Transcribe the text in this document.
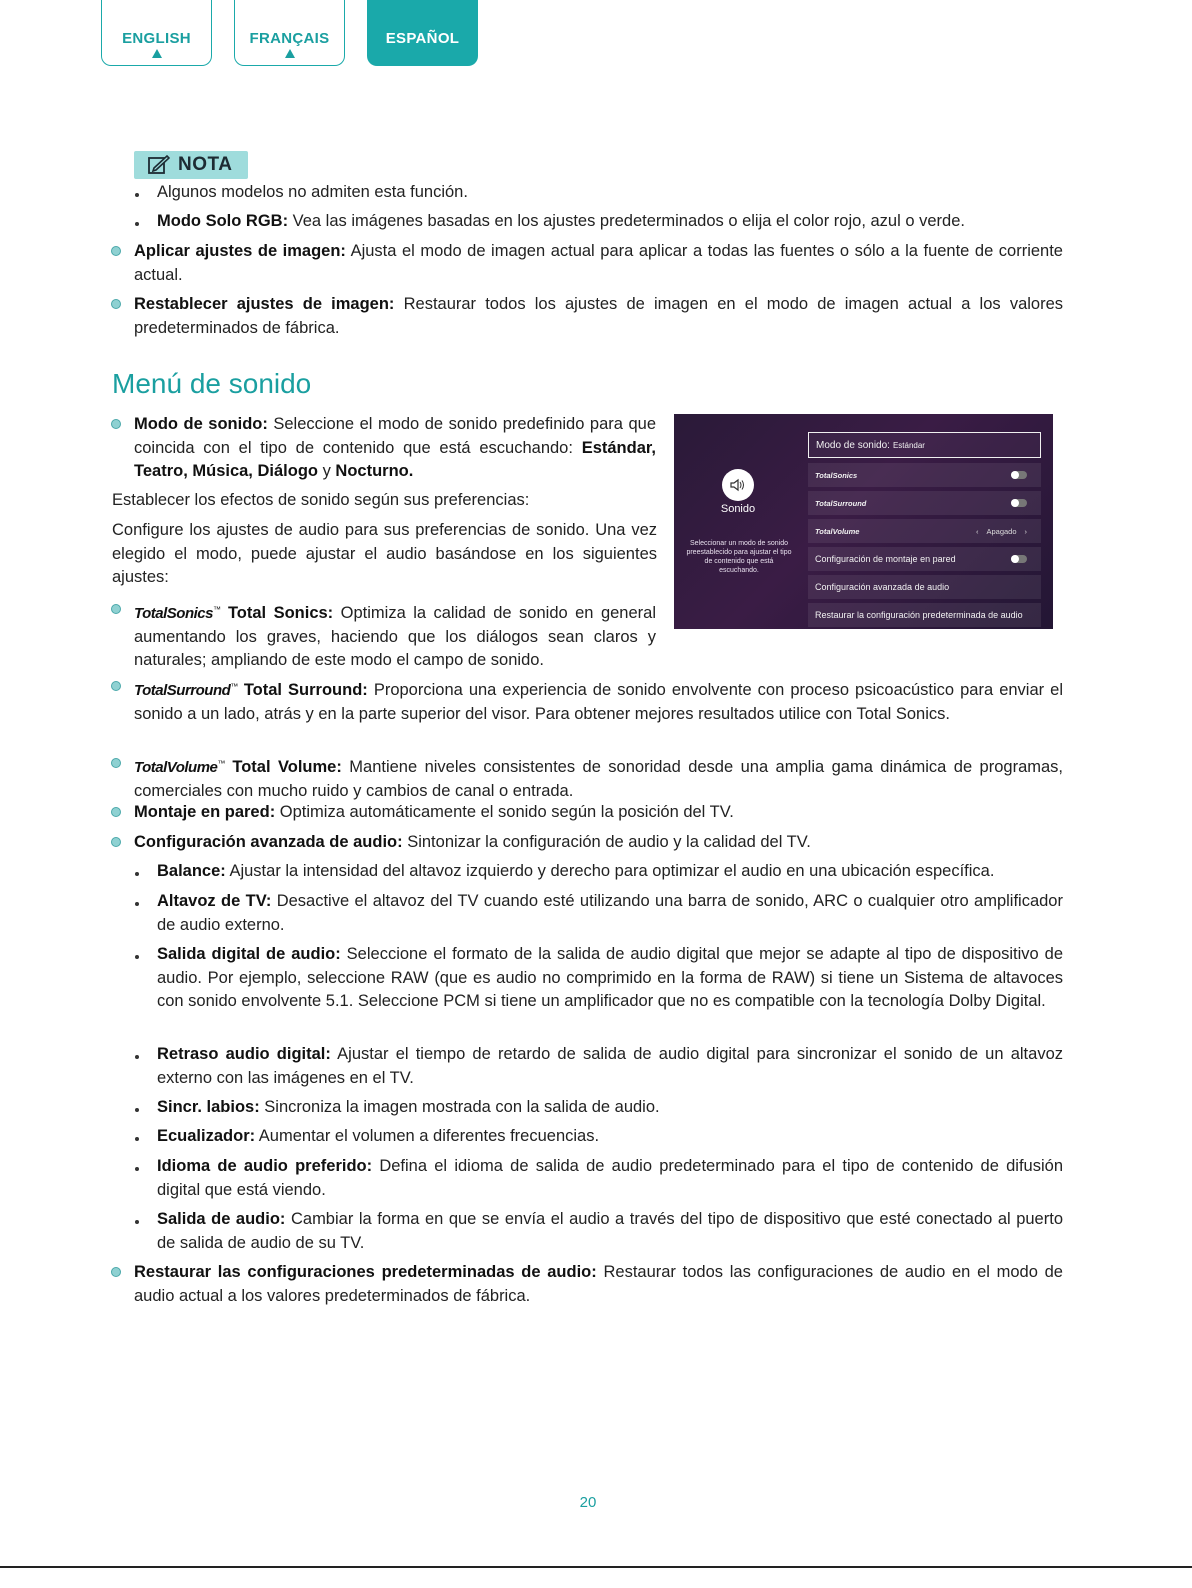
ENGLISH	FRANÇAIS	ESPAÑOL
NOTA
Algunos modelos no admiten esta función.
Modo Solo RGB: Vea las imágenes basadas en los ajustes predeterminados o elija el color rojo, azul o verde.
Aplicar ajustes de imagen: Ajusta el modo de imagen actual para aplicar a todas las fuentes o sólo a la fuente de corriente actual.
Restablecer ajustes de imagen: Restaurar todos los ajustes de imagen en el modo de imagen actual a los valores predeterminados de fábrica.
Menú de sonido
Modo de sonido: Seleccione el modo de sonido predefinido para que coincida con el tipo de contenido que está escuchando: Estándar, Teatro, Música, Diálogo y Nocturno.
Establecer los efectos de sonido según sus preferencias:
Configure los ajustes de audio para sus preferencias de sonido. Una vez elegido el modo, puede ajustar el audio basándose en los siguientes ajustes:
Sonido
Seleccionar un modo de sonido preestablecido para ajustar el tipo de contenido que está escuchando.
Modo de sonido: Estándar
TotalSonics
TotalSurround
TotalVolume	‹ Apagado ›
Configuración de montaje en pared
Configuración avanzada de audio
Restaurar la configuración predeterminada de audio
TotalSonics™ Total Sonics: Optimiza la calidad de sonido en general aumentando los graves, haciendo que los diálogos sean claros y naturales; ampliando de este modo el campo de sonido.
TotalSurround™ Total Surround: Proporciona una experiencia de sonido envolvente con proceso psicoacústico para enviar el sonido a un lado, atrás y en la parte superior del visor. Para obtener mejores resultados utilice con Total Sonics.
TotalVolume™ Total Volume: Mantiene niveles consistentes de sonoridad desde una amplia gama dinámica de programas, comerciales con mucho ruido y cambios de canal o entrada.
Montaje en pared: Optimiza automáticamente el sonido según la posición del TV.
Configuración avanzada de audio: Sintonizar la configuración de audio y la calidad del TV.
Balance: Ajustar la intensidad del altavoz izquierdo y derecho para optimizar el audio en una ubicación específica.
Altavoz de TV: Desactive el altavoz del TV cuando esté utilizando una barra de sonido, ARC o cualquier otro amplificador de audio externo.
Salida digital de audio: Seleccione el formato de la salida de audio digital que mejor se adapte al tipo de dispositivo de audio. Por ejemplo, seleccione RAW (que es audio no comprimido en la forma de RAW) si tiene un Sistema de altavoces con sonido envolvente 5.1. Seleccione PCM si tiene un amplificador que no es compatible con la tecnología Dolby Digital.
Retraso audio digital: Ajustar el tiempo de retardo de salida de audio digital para sincronizar el sonido de un altavoz externo con las imágenes en el TV.
Sincr. labios: Sincroniza la imagen mostrada con la salida de audio.
Ecualizador: Aumentar el volumen a diferentes frecuencias.
Idioma de audio preferido: Defina el idioma de salida de audio predeterminado para el tipo de contenido de difusión digital que está viendo.
Salida de audio: Cambiar la forma en que se envía el audio a través del tipo de dispositivo que esté conectado al puerto de salida de audio de su TV.
Restaurar las configuraciones predeterminadas de audio: Restaurar todos las configuraciones de audio en el modo de audio actual a los valores predeterminados de fábrica.
20
